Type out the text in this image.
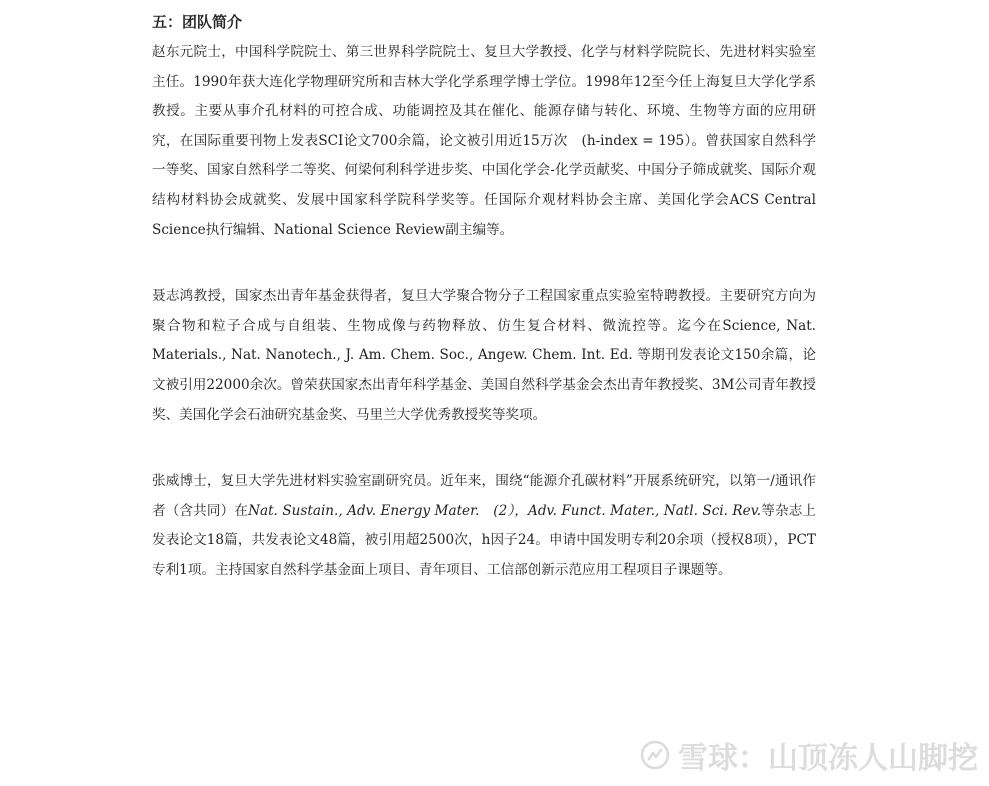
五：团队简介

赵东元院士，中国科学院院士、第三世界科学院院士、复旦大学教授、化学与材料学院院长、先进材料实验室主任。1990年获大连化学物理研究所和吉林大学化学系理学博士学位。1998年12至今任上海复旦大学化学系教授。主要从事介孔材料的可控合成、功能调控及其在催化、能源存储与转化、环境、生物等方面的应用研究，在国际重要刊物上发表SCI论文700余篇，论文被引用近15万次　(h-index = 195）。曾获国家自然科学一等奖、国家自然科学二等奖、何梁何利科学进步奖、中国化学会-化学贡献奖、中国分子筛成就奖、国际介观结构材料协会成就奖、发展中国家科学院科学奖等。任国际介观材料协会主席、美国化学会ACS Central Science执行编辑、National Science Review副主编等。

聂志鸿教授，国家杰出青年基金获得者，复旦大学聚合物分子工程国家重点实验室特聘教授。主要研究方向为聚合物和粒子合成与自组装、生物成像与药物释放、仿生复合材料、微流控等。迄今在Science, Nat. Materials., Nat. Nanotech., J. Am. Chem. Soc., Angew. Chem. Int. Ed. 等期刊发表论文150余篇，论文被引用22000余次。曾荣获国家杰出青年科学基金、美国自然科学基金会杰出青年教授奖、3M公司青年教授奖、美国化学会石油研究基金奖、马里兰大学优秀教授奖等奖项。

张威博士，复旦大学先进材料实验室副研究员。近年来，围绕“能源介孔碳材料”开展系统研究，以第一/通讯作者（含共同）在Nat. Sustain., Adv. Energy Mater.　(2），Adv. Funct. Mater., Natl. Sci. Rev.等杂志上发表论文18篇，共发表论文48篇，被引用超2500次，h因子24。申请中国发明专利20余项（授权8项），PCT专利1项。主持国家自然科学基金面上项目、青年项目、工信部创新示范应用工程项目子课题等。

雪球：山顶冻人山脚挖
